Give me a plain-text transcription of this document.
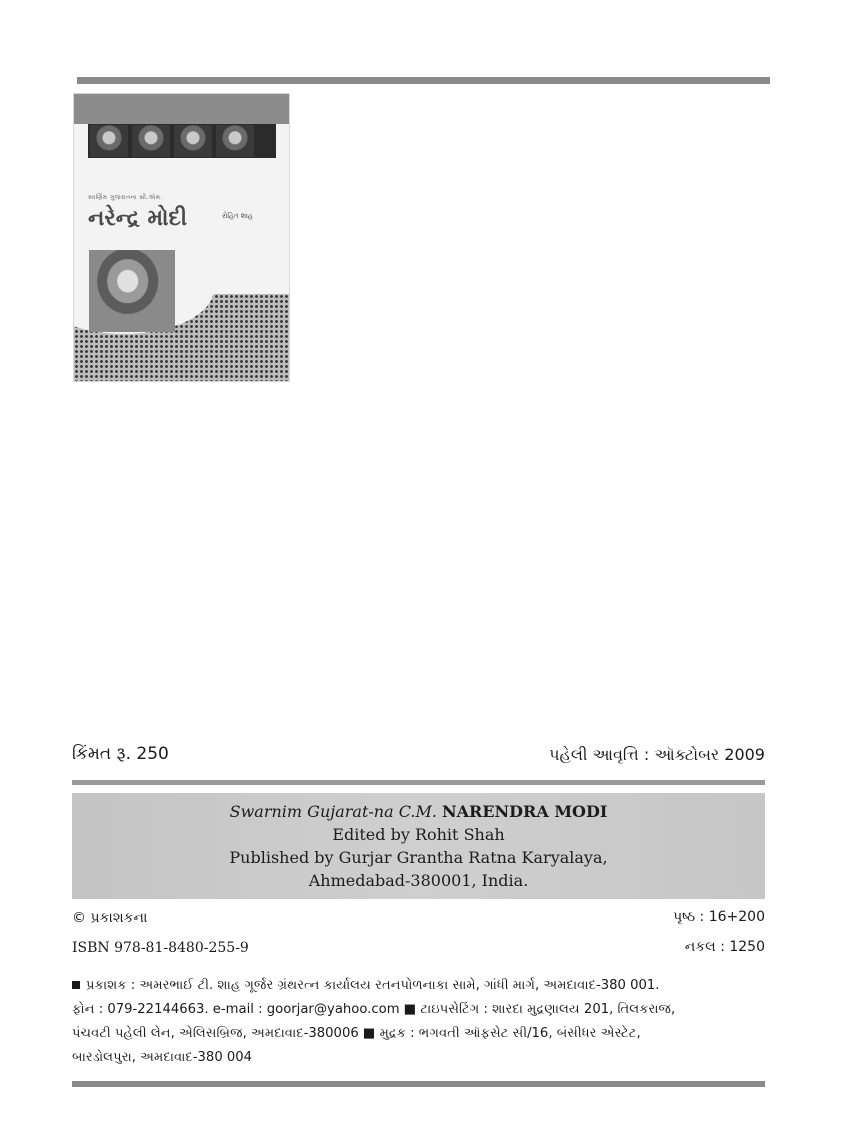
સ્વર્ણિમ ગુજરાતના સી.એમ.
નરેન્દ્ર મોદી	રોહિત શાહ
કિંમત રૂ. 250	પહેલી આવૃત્તિ : ઑક્ટોબર 2009
Swarnim Gujarat-na C.M. NARENDRA MODI
Edited by Rohit Shah
Published by Gurjar Grantha Ratna Karyalaya,
Ahmedabad-380001, India.
© પ્રકાશકના	પૃષ્ઠ : 16+200
ISBN 978-81-8480-255-9	નકલ : 1250
પ્રકાશક : અમરભાઈ ટી. શાહ ગૂર્જર ગ્રંથરત્ન કાર્યાલય રતનપોળનાકા સામે, ગાંધી માર્ગ, અમદાવાદ-380 001.
ફોન : 079-22144663. e-mail : goorjar@yahoo.com ■ ટાઇપસેટિંગ : શારદા મુદ્રણાલય 201, તિલકરાજ,
પંચવટી પહેલી લેન, એલિસબ્રિજ, અમદાવાદ-380006 ■ મુદ્રક : ભગવતી ઑફસેટ સી/16, બંસીધર એસ્ટેટ,
બારડોલપુરા, અમદાવાદ-380 004
